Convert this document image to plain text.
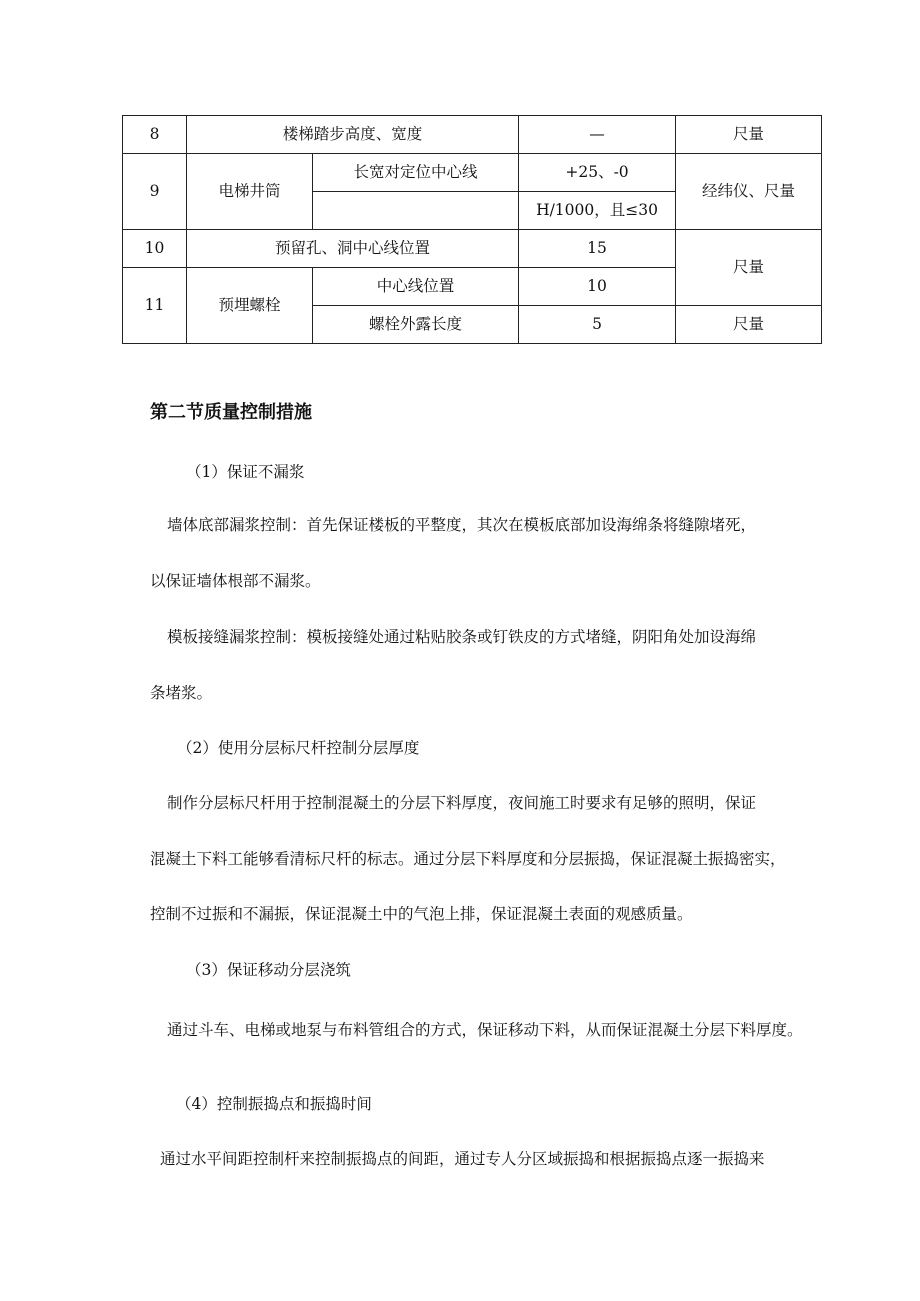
8	楼梯踏步高度、宽度		—	尺量
9	电梯井筒	长宽对定位中心线	+25、-0	经纬仪、尺量
			H/1000，且≤30	
10	预留孔、洞中心线位置		15	尺量
11	预埋螺栓	中心线位置	10	
		螺栓外露长度	5	尺量
第二节质量控制措施

（1）保证不漏浆

墙体底部漏浆控制：首先保证楼板的平整度，其次在模板底部加设海绵条将缝隙堵死，

以保证墙体根部不漏浆。

模板接缝漏浆控制：模板接缝处通过粘贴胶条或钉铁皮的方式堵缝，阴阳角处加设海绵

条堵浆。

（2）使用分层标尺杆控制分层厚度

制作分层标尺杆用于控制混凝土的分层下料厚度，夜间施工时要求有足够的照明，保证

混凝土下料工能够看清标尺杆的标志。通过分层下料厚度和分层振捣，保证混凝土振捣密实，

控制不过振和不漏振，保证混凝土中的气泡上排，保证混凝土表面的观感质量。

（3）保证移动分层浇筑

通过斗车、电梯或地泵与布料管组合的方式，保证移动下料，从而保证混凝土分层下料厚度。

（4）控制振捣点和振捣时间

通过水平间距控制杆来控制振捣点的间距，通过专人分区域振捣和根据振捣点逐一振捣来
